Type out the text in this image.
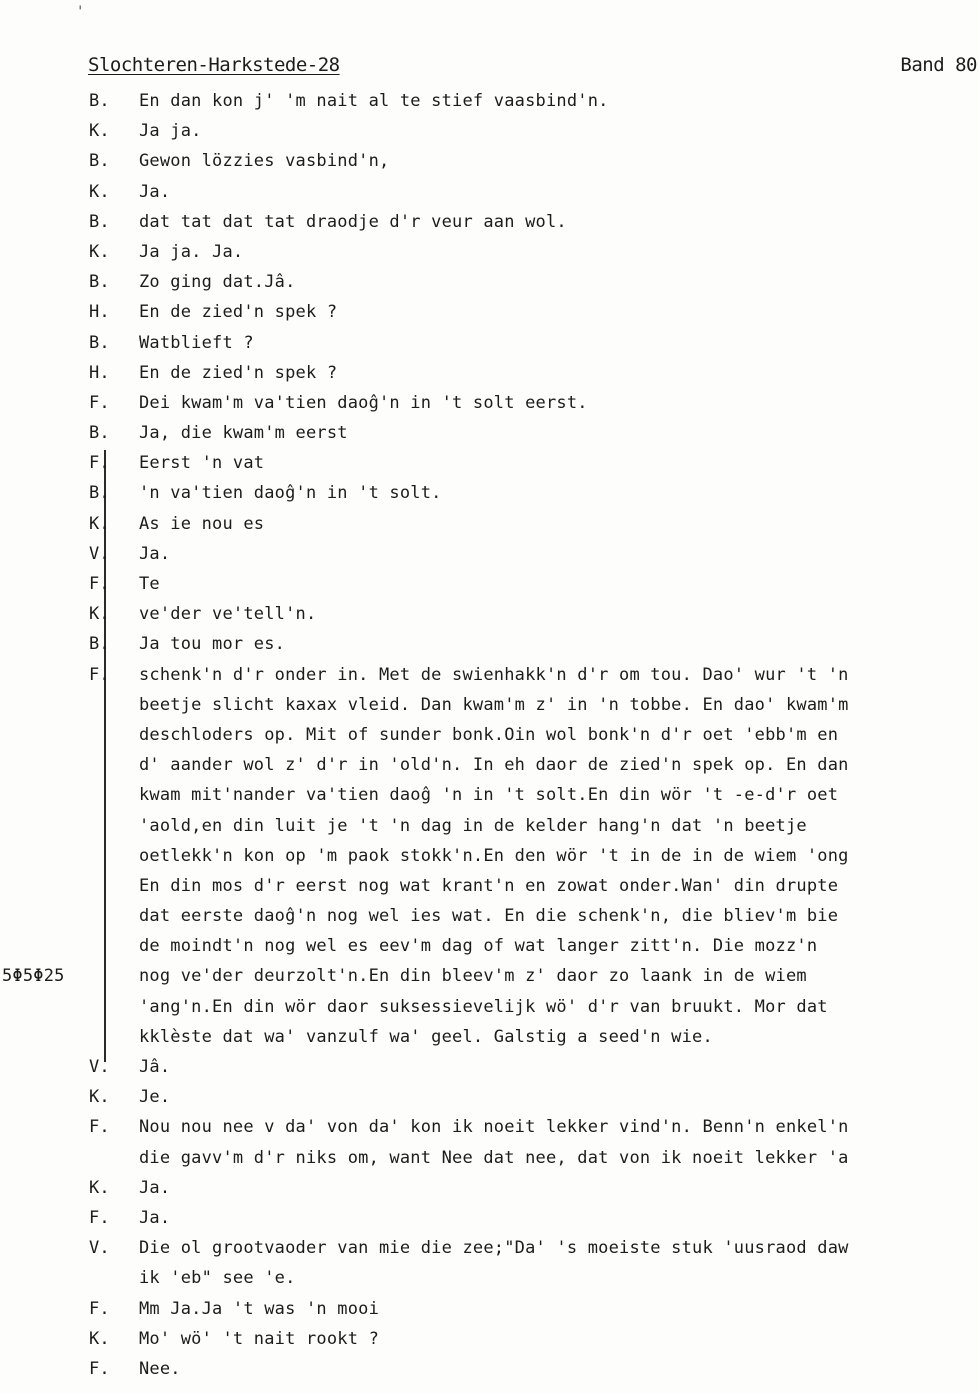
'
Slochteren-Harkstede-28	Band 80
B.	En dan kon j' 'm nait al te stief vaasbind'n.
K.	Ja ja.
B.	Gewon lözzies vasbind'n,
K.	Ja.
B.	dat tat dat tat draodje d'r veur aan wol.
K.	Ja ja. Ja.
B.	Zo ging dat.Jâ.
H.	En de zied'n spek ?
B.	Watblieft ?
H.	En de zied'n spek ?
F.	Dei kwam'm va'tien daoĝ'n in 't solt eerst.
B.	Ja, die kwam'm eerst
F.	Eerst 'n vat
B.	'n va'tien daoĝ'n in 't solt.
K.	As ie nou es
V.	Ja.
F.	Te
K.	ve'der ve'tell'n.
B.	Ja tou mor es.
F.	schenk'n d'r onder in. Met de swienhakk'n d'r om tou. Dao' wur 't 'n
beetje slicht kaxax vleid. Dan kwam'm z' in 'n tobbe. En dao' kwam'm
deschloders op. Mit of sunder bonk.Oin wol bonk'n d'r oet 'ebb'm en
d' aander wol z' d'r in 'old'n. In eh daor de zied'n spek op. En dan
kwam mit'nander va'tien daoĝ 'n in 't solt.En din wör 't -e-d'r oet
'aold,en din luit je 't 'n dag in de kelder hang'n dat 'n beetje
oetlekk'n kon op 'm paok stokk'n.En den wör 't in de in de wiem 'ong
En din mos d'r eerst nog wat krant'n en zowat onder.Wan' din drupte
dat eerste daoĝ'n nog wel ies wat. En die schenk'n, die bliev'm bie
de moindt'n nog wel es eev'm dag of wat langer zitt'n. Die mozz'n
5Φ5Φ25	nog ve'der deurzolt'n.En din bleev'm z' daor zo laank in de wiem
'ang'n.En din wör daor suksessievelijk wö' d'r van bruukt. Mor dat
kklèste dat wa' vanzulf wa' geel. Galstig a seed'n wie.
V.	Jâ.
K.	Je.
F.	Nou nou nee v da' von da' kon ik noeit lekker vind'n. Benn'n enkel'n
die gavv'm d'r niks om, want Nee dat nee, dat von ik noeit lekker 'a
K.	Ja.
F.	Ja.
V.	Die ol grootvaoder van mie die zee;"Da' 's moeiste stuk 'uusraod daw
ik 'eb" see 'e.
F.	Mm Ja.Ja 't was 'n mooi
K.	Mo' wö' 't nait rookt ?
F.	Nee.
